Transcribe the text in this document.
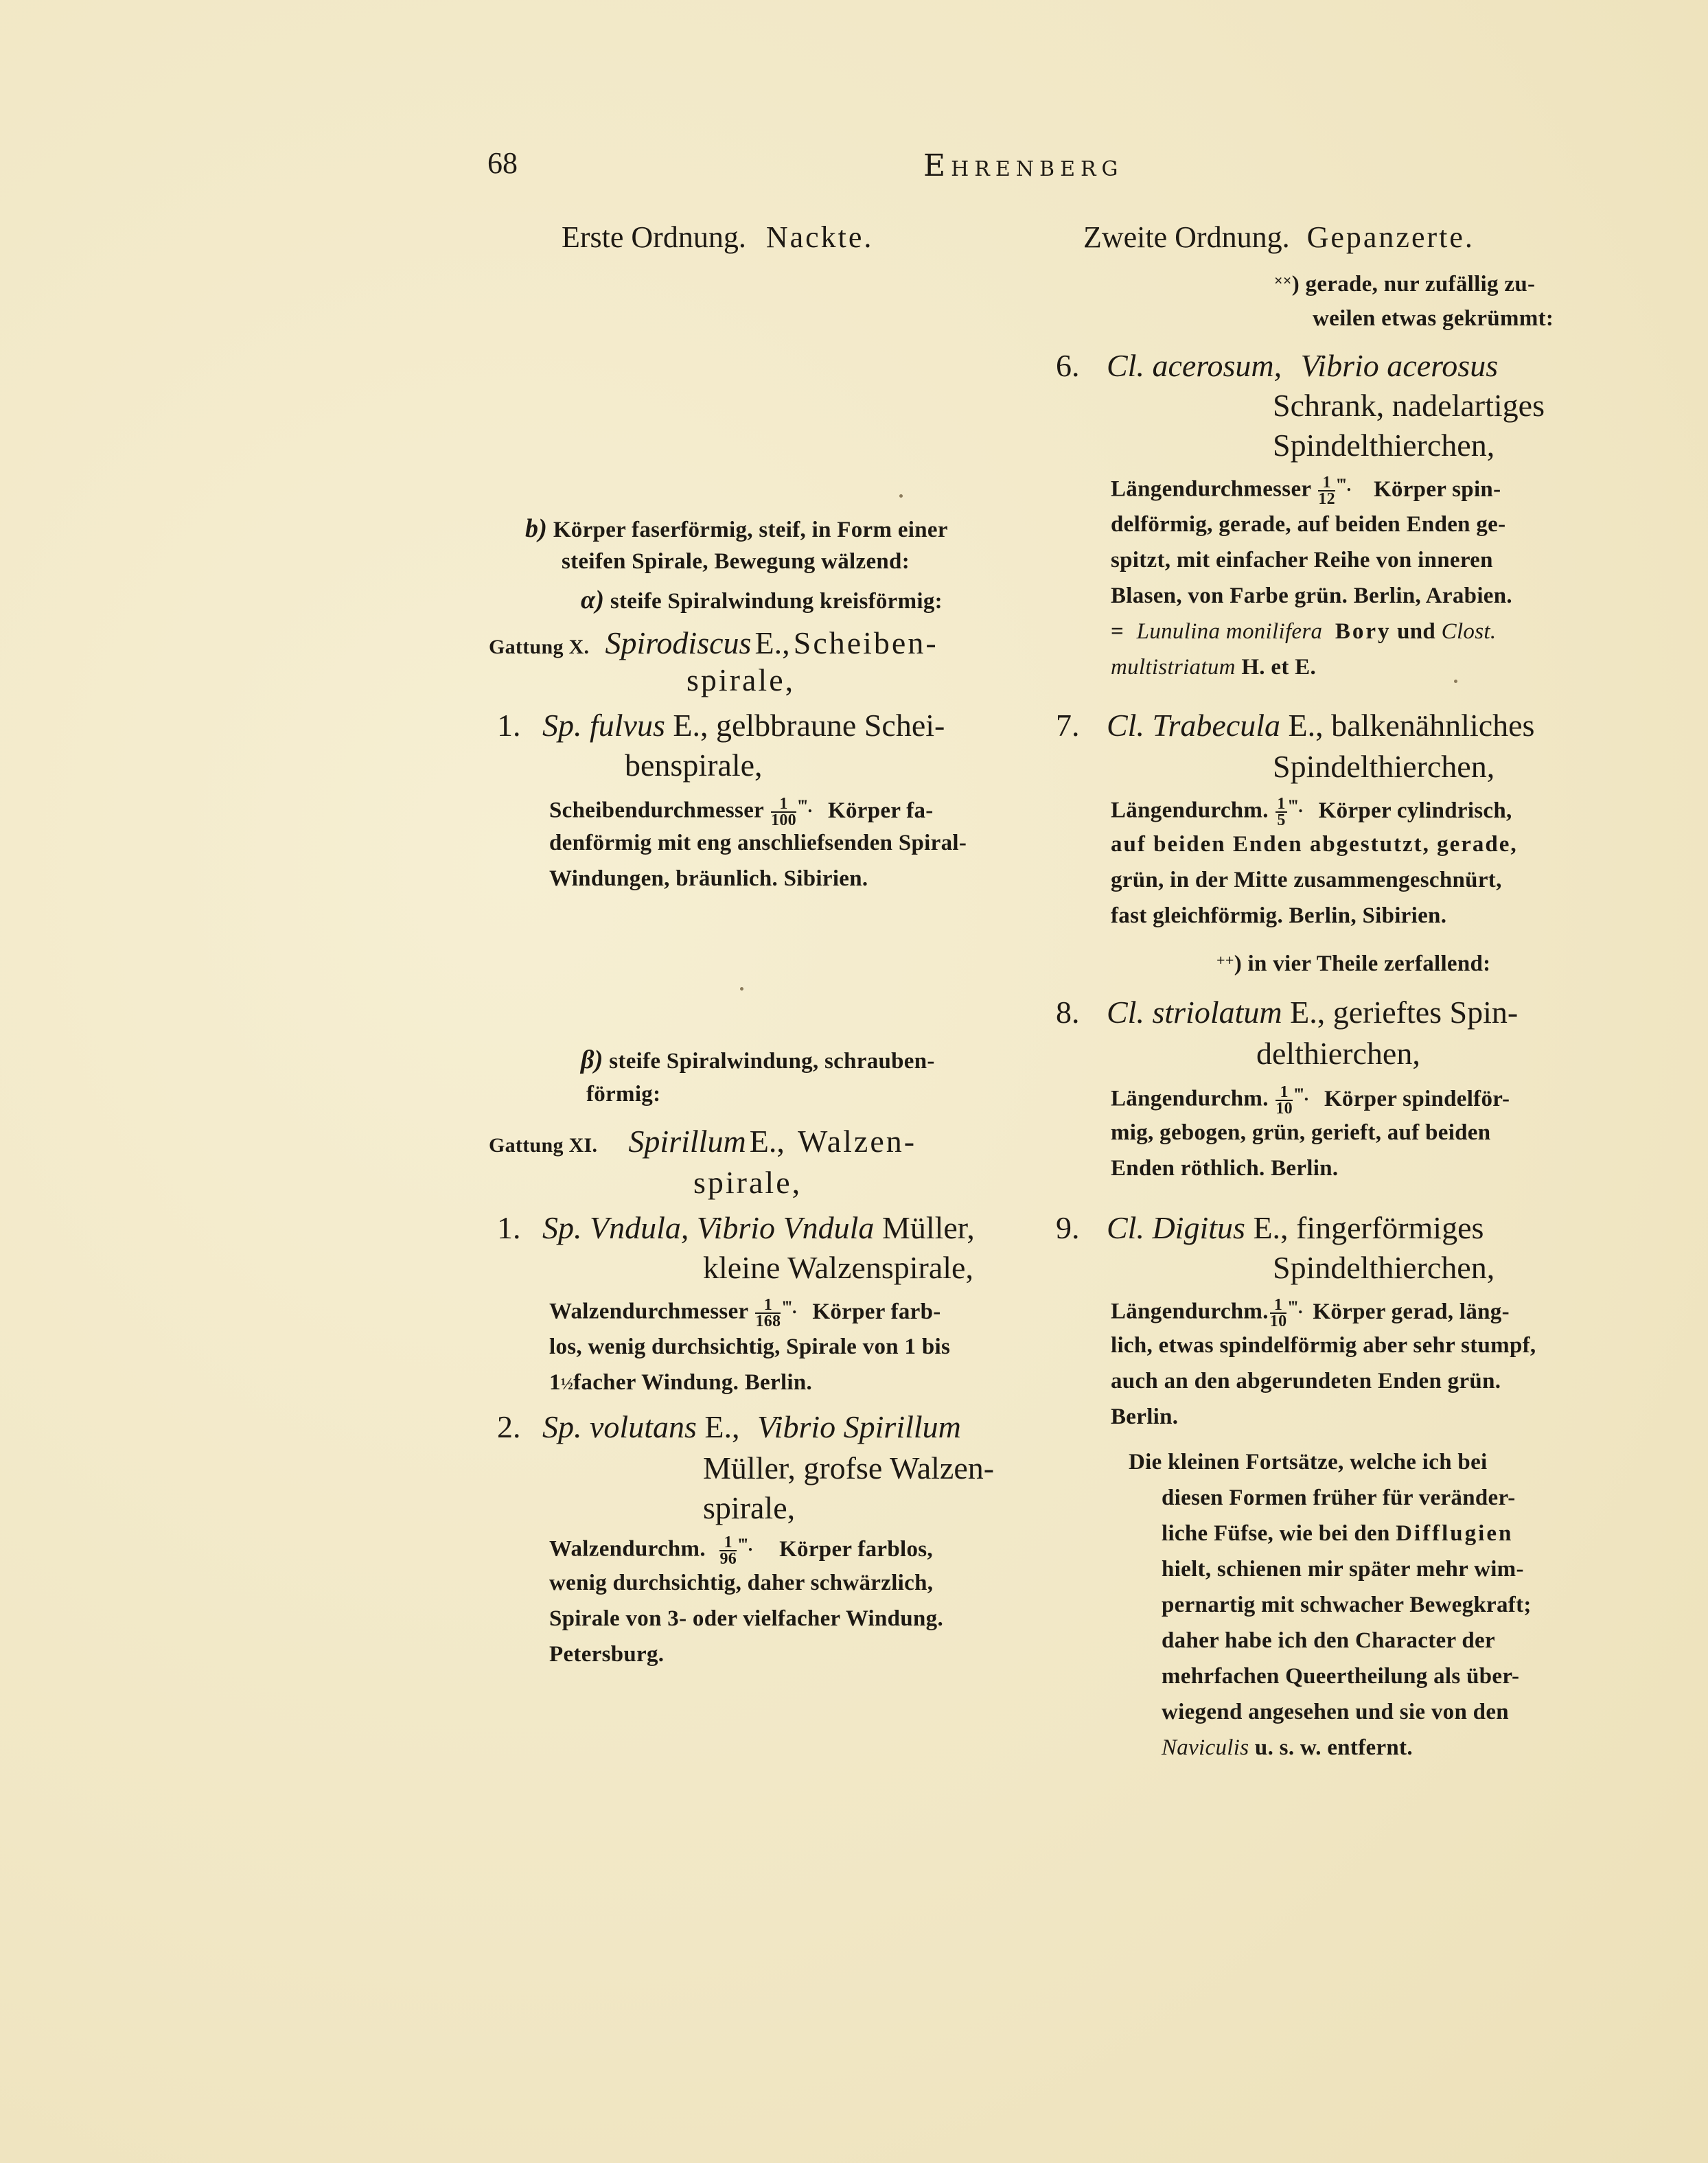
68	EHRENBERG
Erste Ordnung. Nackte.
b) Körper faserförmig, steif, in Form einer
steifen Spirale, Bewegung wälzend:
α) steife Spiralwindung kreisförmig:
Gattung X. Spirodiscus E., Scheiben-
spirale,
1. Sp. fulvus E., gelbbraune Schei-
benspirale,
Scheibendurchmesser $\frac{1}{100} ^{‴.}$ Körper fa-
denförmig mit eng anschliefsenden Spiral-
Windungen, bräunlich. Sibirien.
β) steife Spiralwindung, schrauben-
förmig:
Gattung XI. Spirillum E., Walzen-
spirale,
1. Sp. Vndula, Vibrio Vndula Müller,
kleine Walzenspirale,
Walzendurchmesser $\frac{1}{168} ^{‴.}$ Körper farb-
los, wenig durchsichtig, Spirale von 1 bis
1½facher Windung. Berlin.
2. Sp. volutans E., Vibrio Spirillum
Müller, grofse Walzen-
spirale,
Walzendurchm. $\frac{1}{96} ^{‴.}$ Körper farblos,
wenig durchsichtig, daher schwärzlich,
Spirale von 3- oder vielfacher Windung.
Petersburg.
Zweite Ordnung. Gepanzerte.
××) gerade, nur zufällig zu-
weilen etwas gekrümmt:
6. Cl. acerosum, Vibrio acerosus
Schrank, nadelartiges
Spindelthierchen,
Längendurchmesser $\frac{1}{12} ^{‴.}$ Körper spin-
delförmig, gerade, auf beiden Enden ge-
spitzt, mit einfacher Reihe von inneren
Blasen, von Farbe grün. Berlin, Arabien.
= Lunulina monilifera Bory und Clost.
multistriatum H. et E.
7. Cl. Trabecula E., balkenähnliches
Spindelthierchen,
Längendurchm. $\frac{1}{5} ^{‴.}$ Körper cylindrisch,
auf beiden Enden abgestutzt, gerade,
grün, in der Mitte zusammengeschnürt,
fast gleichförmig. Berlin, Sibirien.
++) in vier Theile zerfallend:
8. Cl. striolatum E., gerieftes Spin-
delthierchen,
Längendurchm. $\frac{1}{10} ^{‴.}$ Körper spindelför-
mig, gebogen, grün, gerieft, auf beiden
Enden röthlich. Berlin.
9. Cl. Digitus E., fingerförmiges
Spindelthierchen,
Längendurchm. $\frac{1}{10} ^{‴.}$ Körper gerad, läng-
lich, etwas spindelförmig aber sehr stumpf,
auch an den abgerundeten Enden grün.
Berlin.
Die kleinen Fortsätze, welche ich bei
diesen Formen früher für veränder-
liche Füfse, wie bei den Difflugien
hielt, schienen mir später mehr wim-
pernartig mit schwacher Bewegkraft;
daher habe ich den Character der
mehrfachen Queertheilung als über-
wiegend angesehen und sie von den
Naviculis u. s. w. entfernt.
